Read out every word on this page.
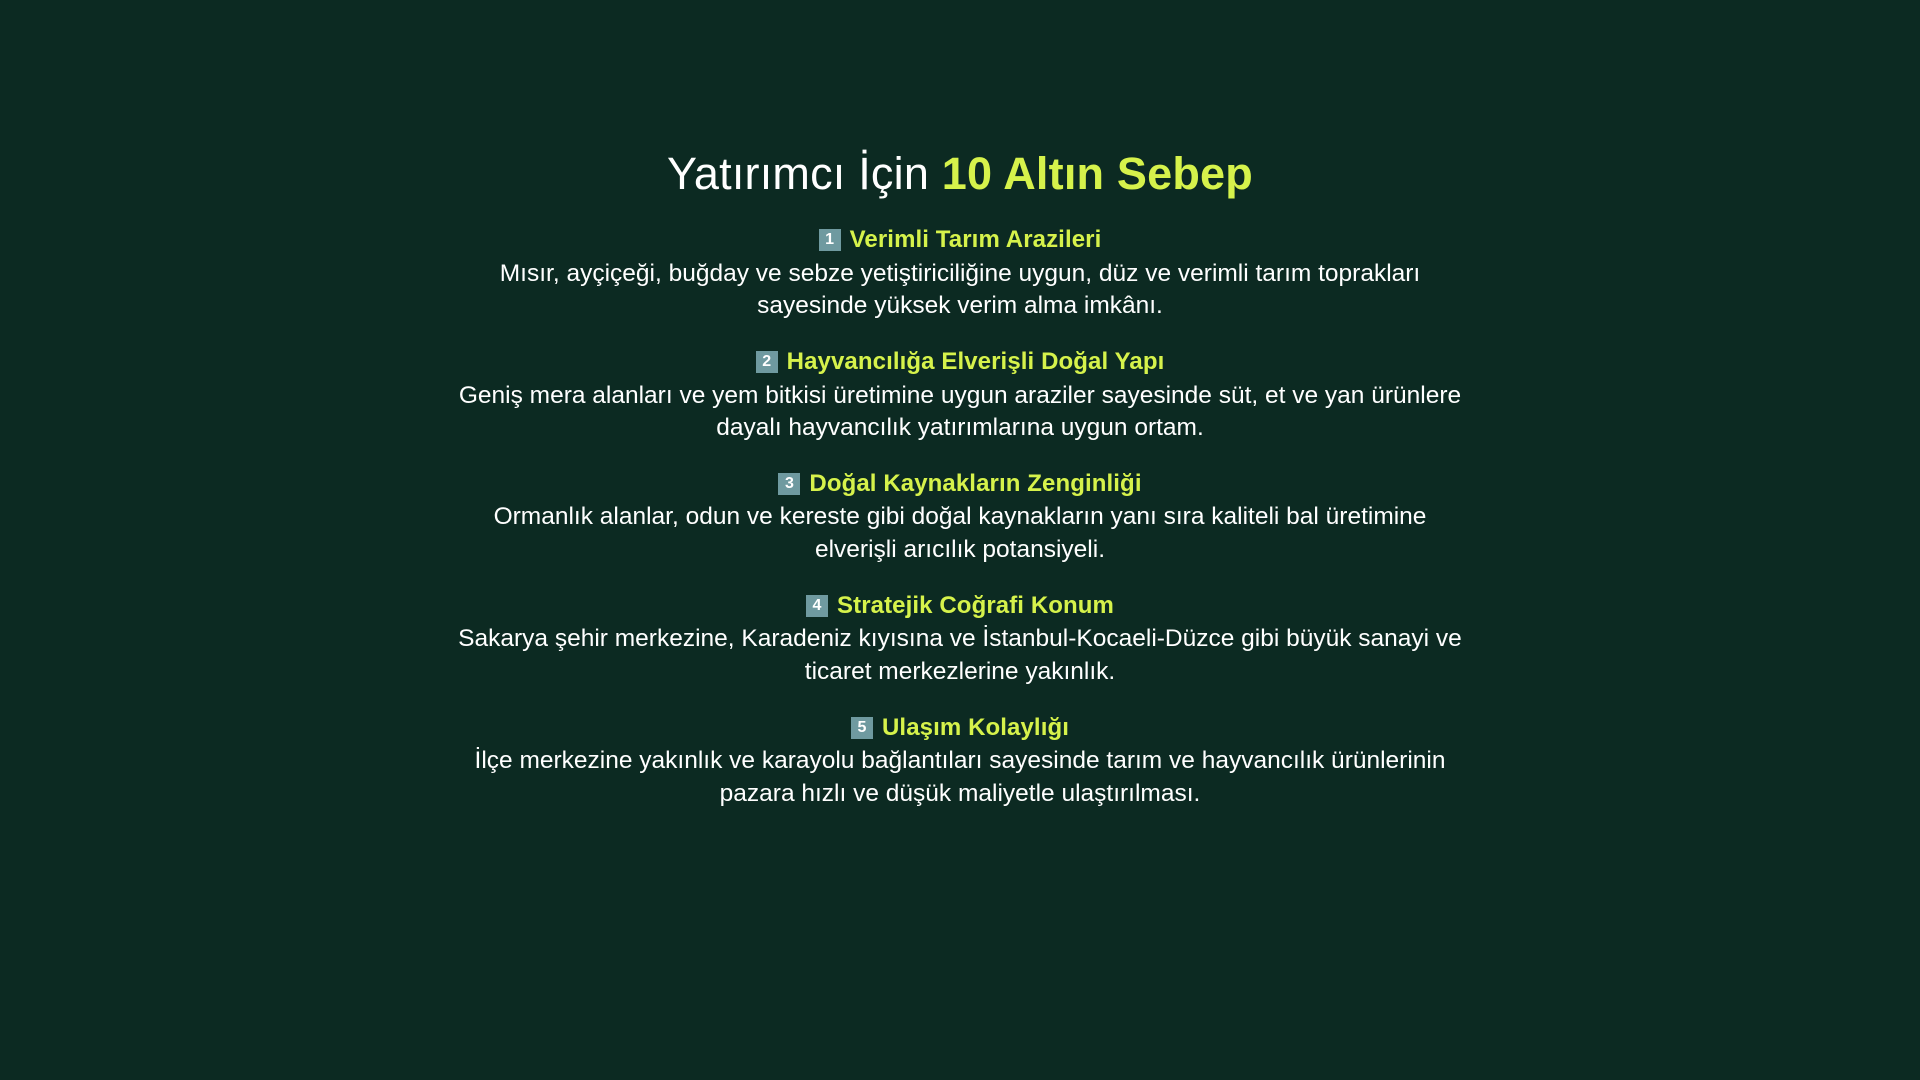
Yatırımcı İçin 10 Altın Sebep
1 Verimli Tarım Arazileri

Mısır, ayçiçeği, buğday ve sebze yetiştiriciliğine uygun, düz ve verimli tarım toprakları sayesinde yüksek verim alma imkânı.

2 Hayvancılığa Elverişli Doğal Yapı

Geniş mera alanları ve yem bitkisi üretimine uygun araziler sayesinde süt, et ve yan ürünlere dayalı hayvancılık yatırımlarına uygun ortam.

3 Doğal Kaynakların Zenginliği

Ormanlık alanlar, odun ve kereste gibi doğal kaynakların yanı sıra kaliteli bal üretimine elverişli arıcılık potansiyeli.

4 Stratejik Coğrafi Konum

Sakarya şehir merkezine, Karadeniz kıyısına ve İstanbul-Kocaeli-Düzce gibi büyük sanayi ve ticaret merkezlerine yakınlık.

5 Ulaşım Kolaylığı

İlçe merkezine yakınlık ve karayolu bağlantıları sayesinde tarım ve hayvancılık ürünlerinin pazara hızlı ve düşük maliyetle ulaştırılması.
